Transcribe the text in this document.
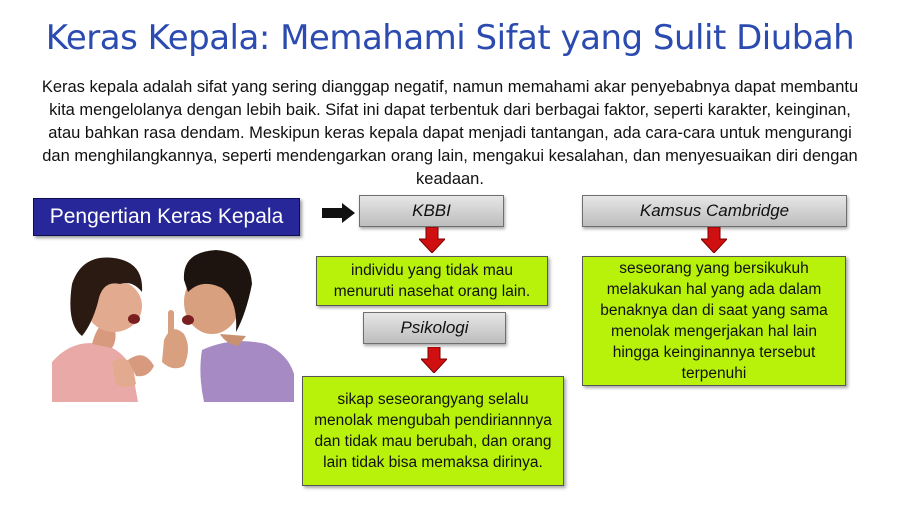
Keras Kepala: Memahami Sifat yang Sulit Diubah
Keras kepala adalah sifat yang sering dianggap negatif, namun memahami akar penyebabnya dapat membantu kita mengelolanya dengan lebih baik. Sifat ini dapat terbentuk dari berbagai faktor, seperti karakter, keinginan, atau bahkan rasa dendam. Meskipun keras kepala dapat menjadi tantangan, ada cara-cara untuk mengurangi dan menghilangkannya, seperti mendengarkan orang lain, mengakui kesalahan, dan menyesuaikan diri dengan keadaan.
Pengertian Keras Kepala	KBBI
individu yang tidak mau menuruti nasehat orang lain.
Psikologi
sikap seseorangyang selalu menolak mengubah pendiriannnya dan tidak mau berubah, dan orang lain tidak bisa memaksa dirinya.
Kamsus Cambridge
seseorang yang bersikukuh melakukan hal yang ada dalam benaknya dan di saat yang sama menolak mengerjakan hal lain hingga keinginannya tersebut terpenuhi
